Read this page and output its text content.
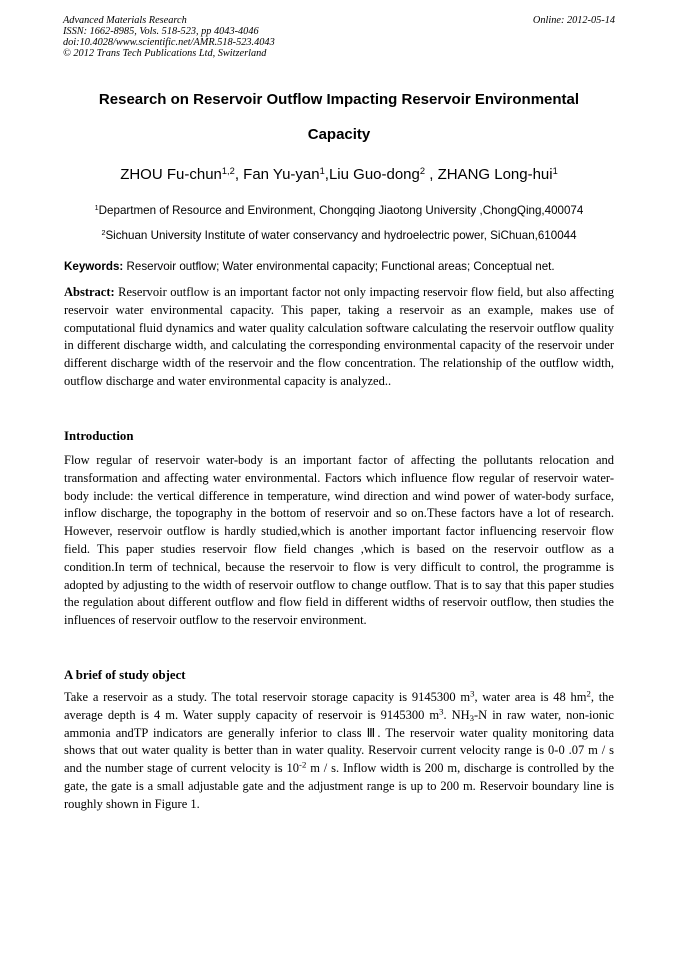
Advanced Materials Research
ISSN: 1662-8985, Vols. 518-523, pp 4043-4046
doi:10.4028/www.scientific.net/AMR.518-523.4043
© 2012 Trans Tech Publications Ltd, Switzerland
Online: 2012-05-14
Research on Reservoir Outflow Impacting Reservoir Environmental
Capacity
ZHOU Fu-chun$^{1,2}$, Fan Yu-yan$^1$,Liu Guo-dong$^2$ , ZHANG Long-hui$^1$
$^1$Departmen of Resource and Environment, Chongqing Jiaotong University ,ChongQing,400074
$^2$Sichuan University Institute of water conservancy and hydroelectric power, SiChuan,610044
Keywords: Reservoir outflow; Water environmental capacity; Functional areas; Conceptual net.
Abstract: Reservoir outflow is an important factor not only impacting reservoir flow field, but also affecting reservoir water environmental capacity. This paper, taking a reservoir as an example, makes use of computational fluid dynamics and water quality calculation software calculating the reservoir outflow quality in different discharge width, and calculating the corresponding environmental capacity of the reservoir under different discharge width of the reservoir and the flow concentration. The relationship of the outflow width, outflow discharge and water environmental capacity is analyzed..
Introduction
Flow regular of reservoir water-body is an important factor of affecting the pollutants relocation and transformation and affecting water environmental. Factors which influence flow regular of reservoir water-body include: the vertical difference in temperature, wind direction and wind power of water-body surface, inflow discharge, the topography in the bottom of reservoir and so on.These factors have a lot of research. However, reservoir outflow is hardly studied,which is another important factor influencing reservoir flow field. This paper studies reservoir flow field changes ,which is based on the reservoir outflow as a condition.In term of technical, because the reservoir to flow is very difficult to control, the programme is adopted by adjusting to the width of reservoir outflow to change outflow. That is to say that this paper studies the regulation about different outflow and flow field in different widths of reservoir outflow, then studies the influences of reservoir outflow to the reservoir environment.
A brief of study object
Take a reservoir as a study. The total reservoir storage capacity is 9145300 $m^3$, water area is 48 $hm^2$, the average depth is 4 m. Water supply capacity of reservoir is 9145300 $m^3$. $NH_3-N$ in raw water, non-ionic ammonia andTP indicators are generally inferior to class Ⅲ. The reservoir water quality monitoring data shows that out water quality is better than in water quality. Reservoir current velocity range is 0-0 .07 m / s and the number stage of current velocity is $10^{-2}$ m / s. Inflow width is 200 m, discharge is controlled by the gate, the gate is a small adjustable gate and the adjustment range is up to 200 m. Reservoir boundary line is roughly shown in Figure 1.
